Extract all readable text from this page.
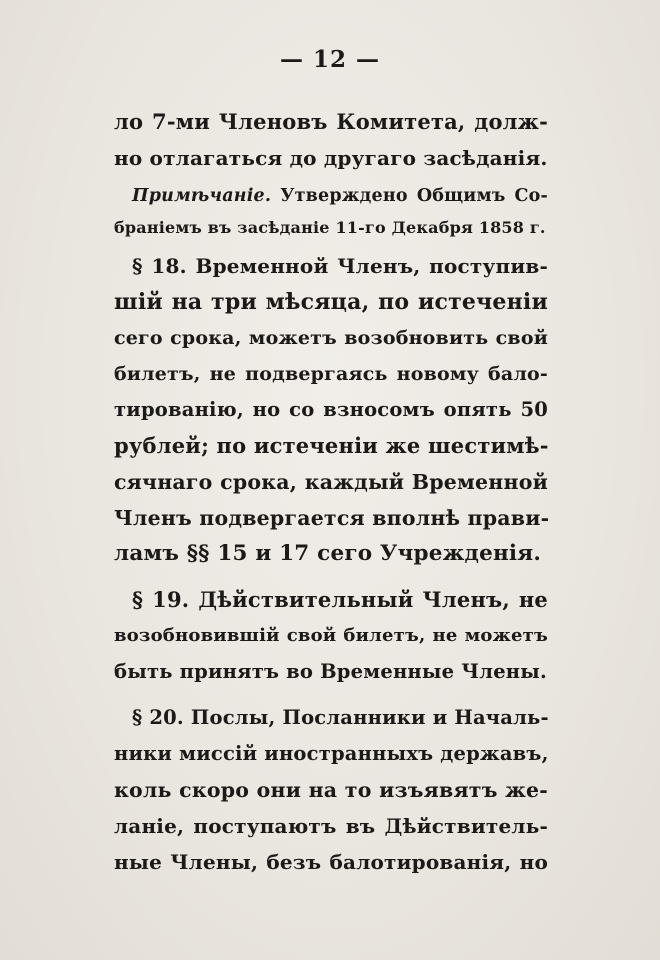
— 12 —
ло 7-ми Членовъ Комитета, долж-
но отлагаться до другаго засѣданія.
Примѣчаніе. Утверждено Общимъ Со-
браніемъ въ засѣданіе 11-го Декабря 1858 г.
§ 18. Временной Членъ, поступив-
шій на три мѣсяца, по истеченіи
сего срока, можетъ возобновить свой
билетъ, не подвергаясь новому бало-
тированію, но со взносомъ опять 50
рублей; по истеченіи же шестимѣ-
сячнаго срока, каждый Временной
Членъ подвергается вполнѣ прави-
ламъ §§ 15 и 17 сего Учрежденія.
§ 19. Дѣйствительный Членъ, не
возобновившій свой билетъ, не можетъ
быть принятъ во Временные Члены.
§ 20. Послы, Посланники и Началь-
ники миссій иностранныхъ державъ,
коль скоро они на то изъявятъ же-
ланіе, поступаютъ въ Дѣйствитель-
ные Члены, безъ балотированія, но
